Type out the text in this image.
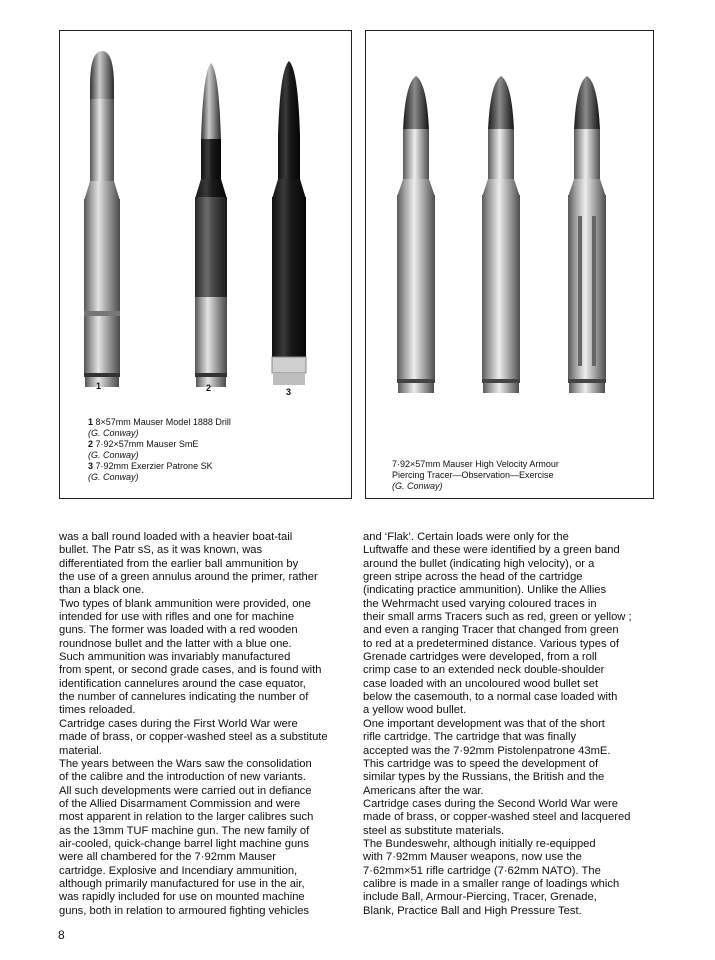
1	2	3
1 8×57mm Mauser Model 1888 Drill
(G. Conway)
2 7·92×57mm Mauser SmE
(G. Conway)
3 7·92mm Exerzier Patrone SK
(G. Conway)
7·92×57mm Mauser High Velocity Armour
Piercing Tracer—Observation—Exercise
(G. Conway)
was a ball round loaded with a heavier boat-tail
bullet. The Patr sS, as it was known, was
differentiated from the earlier ball ammunition by
the use of a green annulus around the primer, rather
than a black one.
Two types of blank ammunition were provided, one
intended for use with rifles and one for machine
guns. The former was loaded with a red wooden
roundnose bullet and the latter with a blue one.
Such ammunition was invariably manufactured
from spent, or second grade cases, and is found with
identification cannelures around the case equator,
the number of cannelures indicating the number of
times reloaded.
Cartridge cases during the First World War were
made of brass, or copper-washed steel as a substitute
material.
The years between the Wars saw the consolidation
of the calibre and the introduction of new variants.
All such developments were carried out in defiance
of the Allied Disarmament Commission and were
most apparent in relation to the larger calibres such
as the 13mm TUF machine gun. The new family of
air-cooled, quick-change barrel light machine guns
were all chambered for the 7·92mm Mauser
cartridge. Explosive and Incendiary ammunition,
although primarily manufactured for use in the air,
was rapidly included for use on mounted machine
guns, both in relation to armoured fighting vehicles
and ‘Flak’. Certain loads were only for the
Luftwaffe and these were identified by a green band
around the bullet (indicating high velocity), or a
green stripe across the head of the cartridge
(indicating practice ammunition). Unlike the Allies
the Wehrmacht used varying coloured traces in
their small arms Tracers such as red, green or yellow ;
and even a ranging Tracer that changed from green
to red at a predetermined distance. Various types of
Grenade cartridges were developed, from a roll
crimp case to an extended neck double-shoulder
case loaded with an uncoloured wood bullet set
below the casemouth, to a normal case loaded with
a yellow wood bullet.
One important development was that of the short
rifle cartridge. The cartridge that was finally
accepted was the 7·92mm Pistolenpatrone 43mE.
This cartridge was to speed the development of
similar types by the Russians, the British and the
Americans after the war.
Cartridge cases during the Second World War were
made of brass, or copper-washed steel and lacquered
steel as substitute materials.
The Bundeswehr, although initially re-equipped
with 7·92mm Mauser weapons, now use the
7·62mm×51 rifle cartridge (7·62mm NATO). The
calibre is made in a smaller range of loadings which
include Ball, Armour-Piercing, Tracer, Grenade,
Blank, Practice Ball and High Pressure Test.
8
